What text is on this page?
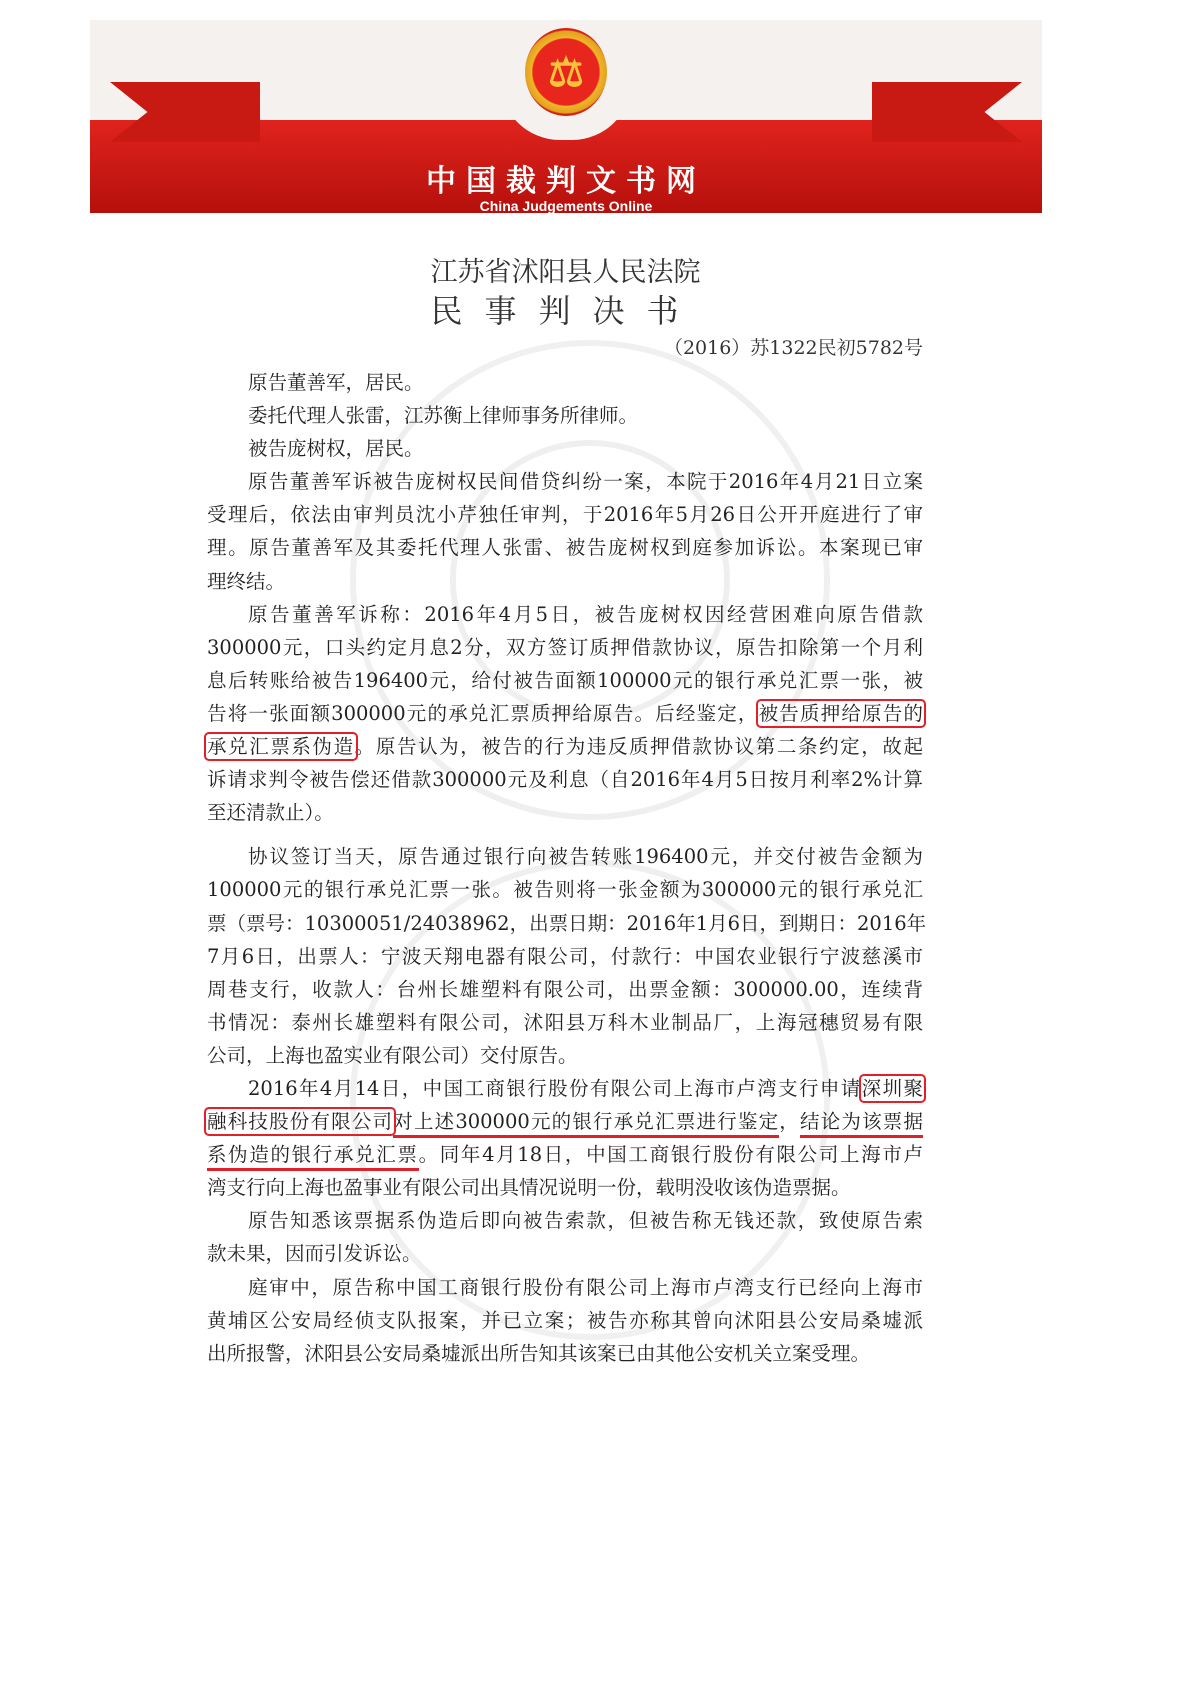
⚖
中国裁判文书网
China Judgements Online
江苏省沭阳县人民法院
民事判决书
（2016）苏1322民初5782号
原告董善军，居民。
委托代理人张雷，江苏衡上律师事务所律师。
被告庞树权，居民。
原告董善军诉被告庞树权民间借贷纠纷一案，本院于2016年4月21日立案
受理后，依法由审判员沈小芹独任审判，于2016年5月26日公开开庭进行了审
理。原告董善军及其委托代理人张雷、被告庞树权到庭参加诉讼。本案现已审
理终结。
原告董善军诉称：2016年4月5日，被告庞树权因经营困难向原告借款
300000元，口头约定月息2分，双方签订质押借款协议，原告扣除第一个月利
息后转账给被告196400元，给付被告面额100000元的银行承兑汇票一张，被
告将一张面额300000元的承兑汇票质押给原告。后经鉴定，被告质押给原告的
承兑汇票系伪造。原告认为，被告的行为违反质押借款协议第二条约定，故起
诉请求判令被告偿还借款300000元及利息（自2016年4月5日按月利率2%计算
至还清款止）。
协议签订当天，原告通过银行向被告转账196400元，并交付被告金额为
100000元的银行承兑汇票一张。被告则将一张金额为300000元的银行承兑汇
票（票号：10300051/24038962，出票日期：2016年1月6日，到期日：2016年
7月6日，出票人：宁波天翔电器有限公司，付款行：中国农业银行宁波慈溪市
周巷支行，收款人：台州长雄塑料有限公司，出票金额：300000.00，连续背
书情况：泰州长雄塑料有限公司，沭阳县万科木业制品厂，上海冠穗贸易有限
公司，上海也盈实业有限公司）交付原告。
2016年4月14日，中国工商银行股份有限公司上海市卢湾支行申请深圳聚
融科技股份有限公司对上述300000元的银行承兑汇票进行鉴定，结论为该票据
系伪造的银行承兑汇票。同年4月18日，中国工商银行股份有限公司上海市卢
湾支行向上海也盈事业有限公司出具情况说明一份，载明没收该伪造票据。
原告知悉该票据系伪造后即向被告索款，但被告称无钱还款，致使原告索
款未果，因而引发诉讼。
庭审中，原告称中国工商银行股份有限公司上海市卢湾支行已经向上海市
黄埔区公安局经侦支队报案，并已立案；被告亦称其曾向沭阳县公安局桑墟派
出所报警，沭阳县公安局桑墟派出所告知其该案已由其他公安机关立案受理。
